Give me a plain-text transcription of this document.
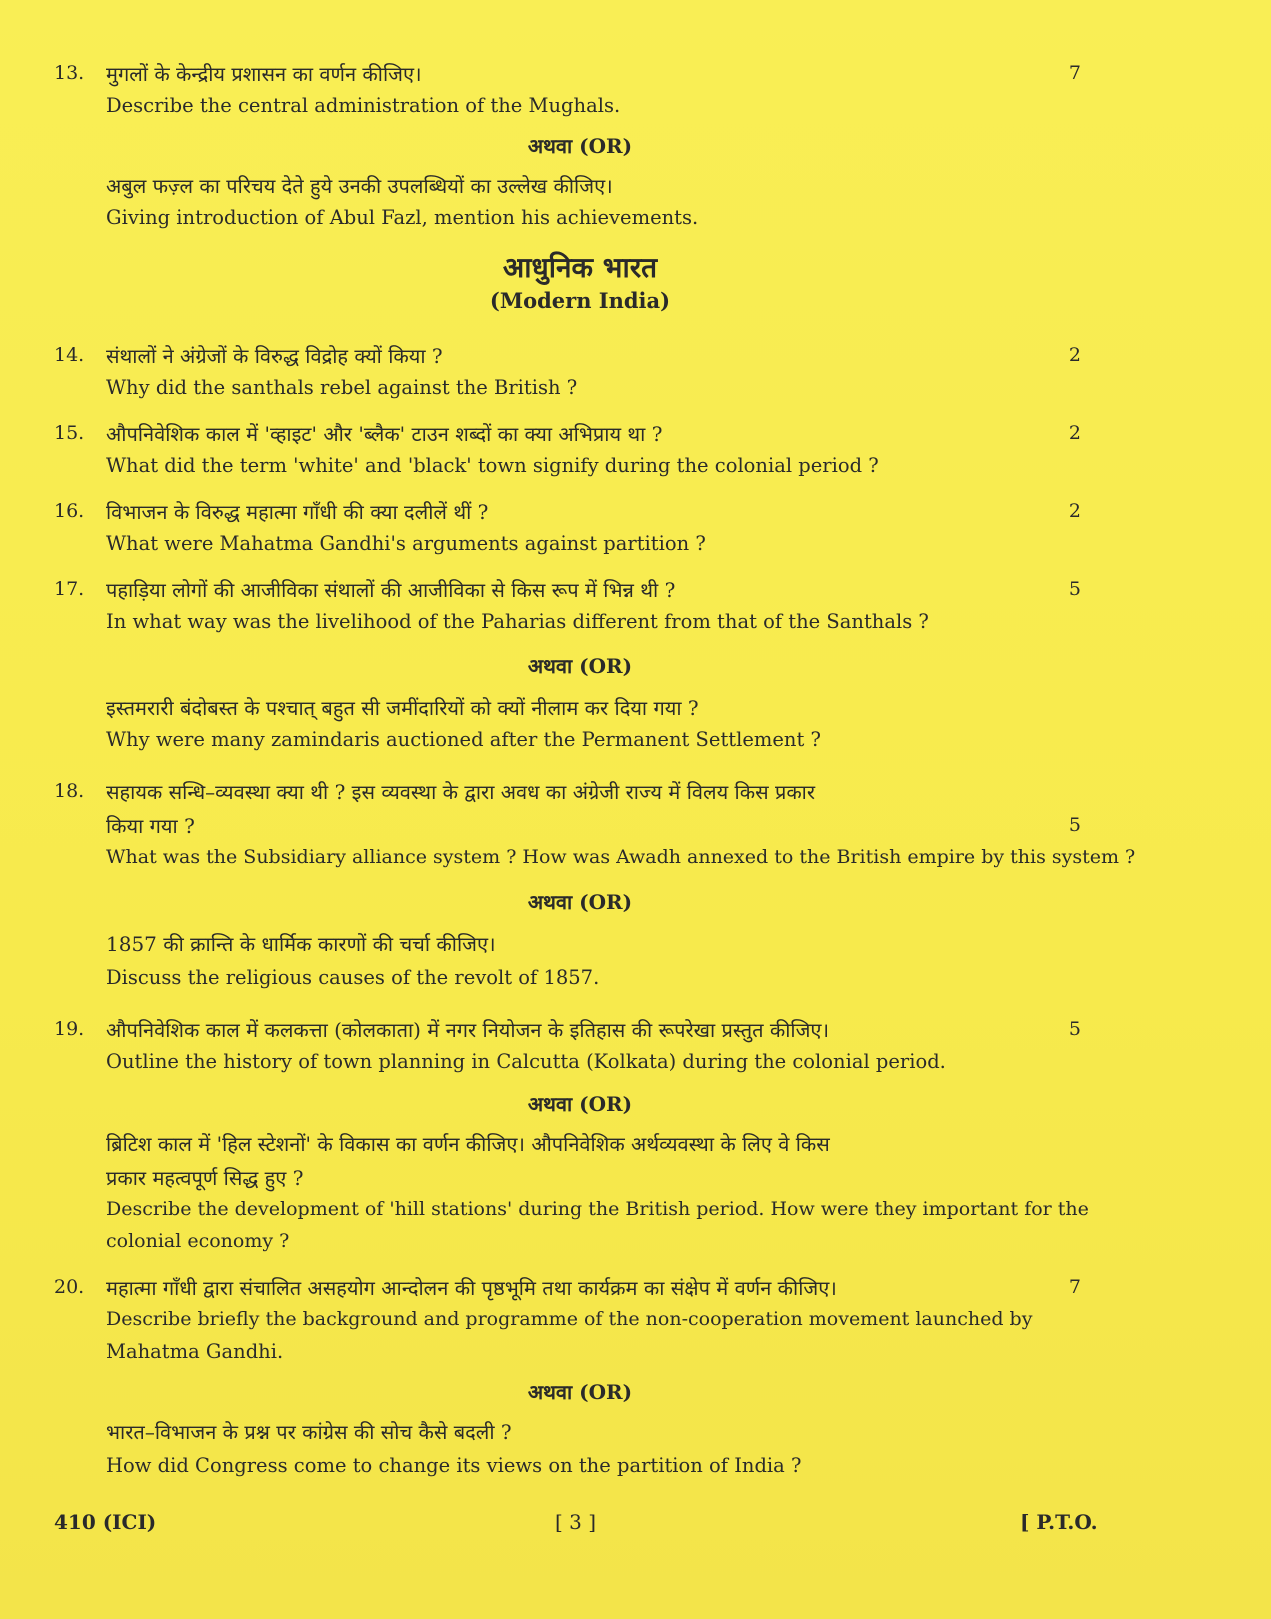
13. मुगलों के केन्द्रीय प्रशासन का वर्णन कीजिए।	7
Describe the central administration of the Mughals.
अथवा (OR)
अबुल फज़्ल का परिचय देते हुये उनकी उपलब्धियों का उल्लेख कीजिए।
Giving introduction of Abul Fazl, mention his achievements.
आधुनिक भारत
(Modern India)
14. संथालों ने अंग्रेजों के विरुद्ध विद्रोह क्यों किया ?	2
Why did the santhals rebel against the British ?
15. औपनिवेशिक काल में 'व्हाइट' और 'ब्लैक' टाउन शब्दों का क्या अभिप्राय था ?	2
What did the term 'white' and 'black' town signify during the colonial period ?
16. विभाजन के विरुद्ध महात्मा गाँधी की क्या दलीलें थीं ?	2
What were Mahatma Gandhi's arguments against partition ?
17. पहाड़िया लोगों की आजीविका संथालों की आजीविका से किस रूप में भिन्न थी ?	5
In what way was the livelihood of the Paharias different from that of the Santhals ?
अथवा (OR)
इस्तमरारी बंदोबस्त के पश्चात् बहुत सी जमींदारियों को क्यों नीलाम कर दिया गया ?
Why were many zamindaris auctioned after the Permanent Settlement ?
18. सहायक सन्धि–व्यवस्था क्या थी ? इस व्यवस्था के द्वारा अवध का अंग्रेजी राज्य में विलय किस प्रकार
किया गया ?	5
What was the Subsidiary alliance system ? How was Awadh annexed to the British empire by this system ?
अथवा (OR)
1857 की क्रान्ति के धार्मिक कारणों की चर्चा कीजिए।
Discuss the religious causes of the revolt of 1857.
19. औपनिवेशिक काल में कलकत्ता (कोलकाता) में नगर नियोजन के इतिहास की रूपरेखा प्रस्तुत कीजिए।	5
Outline the history of town planning in Calcutta (Kolkata) during the colonial period.
अथवा (OR)
ब्रिटिश काल में 'हिल स्टेशनों' के विकास का वर्णन कीजिए। औपनिवेशिक अर्थव्यवस्था के लिए वे किस
प्रकार महत्वपूर्ण सिद्ध हुए ?
Describe the development of 'hill stations' during the British period. How were they important for the
colonial economy ?
20. महात्मा गाँधी द्वारा संचालित असहयोग आन्दोलन की पृष्ठभूमि तथा कार्यक्रम का संक्षेप में वर्णन कीजिए।	7
Describe briefly the background and programme of the non-cooperation movement launched by
Mahatma Gandhi.
अथवा (OR)
भारत–विभाजन के प्रश्न पर कांग्रेस की सोच कैसे बदली ?
How did Congress come to change its views on the partition of India ?
410 (ICI)	[ 3 ]	[ P.T.O.
